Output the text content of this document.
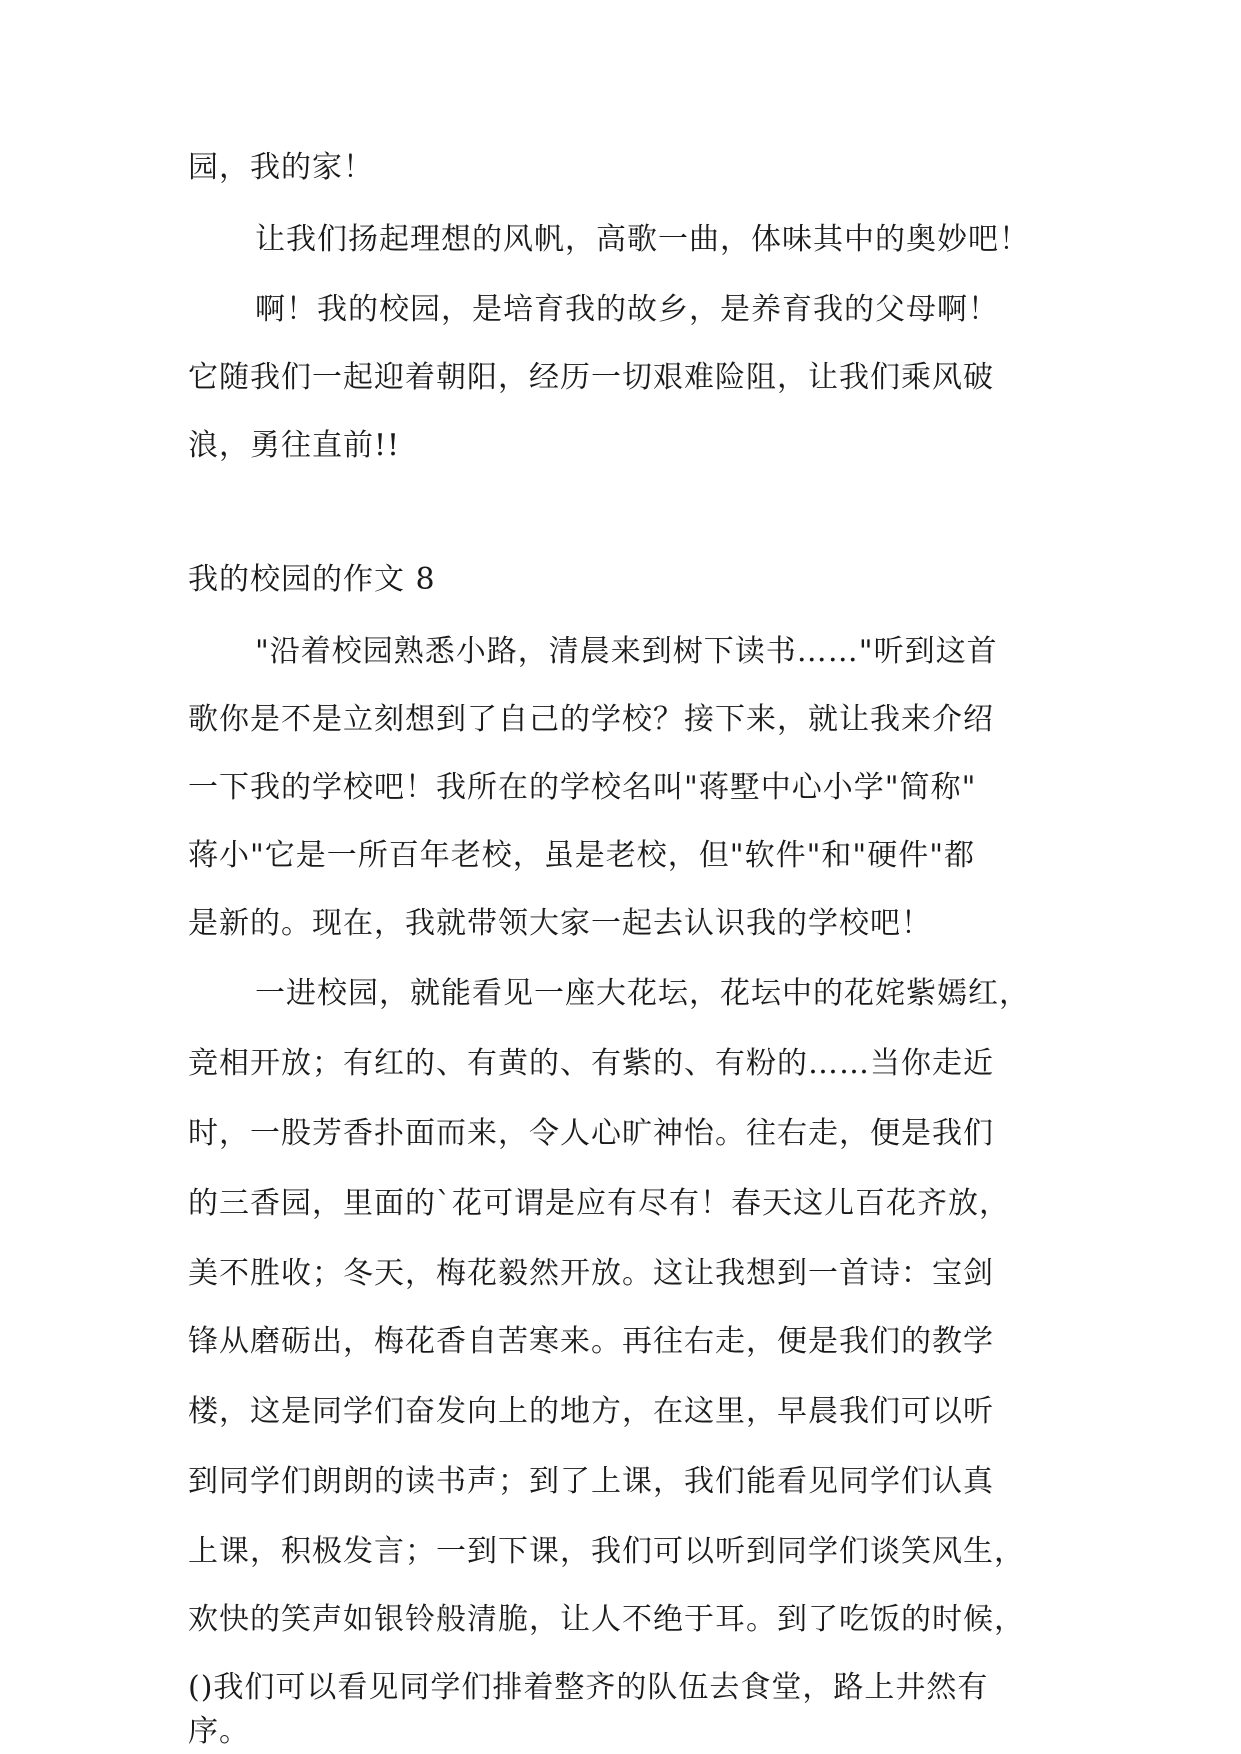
园，我的家！
让我们扬起理想的风帆，高歌一曲，体味其中的奥妙吧！
啊！我的校园，是培育我的故乡，是养育我的父母啊！
它随我们一起迎着朝阳，经历一切艰难险阻，让我们乘风破
浪，勇往直前!!
我的校园的作文 8
"沿着校园熟悉小路，清晨来到树下读书……"听到这首
歌你是不是立刻想到了自己的学校？接下来，就让我来介绍
一下我的学校吧！我所在的学校名叫"蒋墅中心小学"简称"
蒋小"它是一所百年老校，虽是老校，但"软件"和"硬件"都
是新的。现在，我就带领大家一起去认识我的学校吧！
一进校园，就能看见一座大花坛，花坛中的花姹紫嫣红，
竞相开放；有红的、有黄的、有紫的、有粉的……当你走近
时，一股芳香扑面而来，令人心旷神怡。往右走，便是我们
的三香园，里面的`花可谓是应有尽有！春天这儿百花齐放，
美不胜收；冬天，梅花毅然开放。这让我想到一首诗：宝剑
锋从磨砺出，梅花香自苦寒来。再往右走，便是我们的教学
楼，这是同学们奋发向上的地方，在这里，早晨我们可以听
到同学们朗朗的读书声；到了上课，我们能看见同学们认真
上课，积极发言；一到下课，我们可以听到同学们谈笑风生，
欢快的笑声如银铃般清脆，让人不绝于耳。到了吃饭的时候，
()我们可以看见同学们排着整齐的队伍去食堂，路上井然有
序。
